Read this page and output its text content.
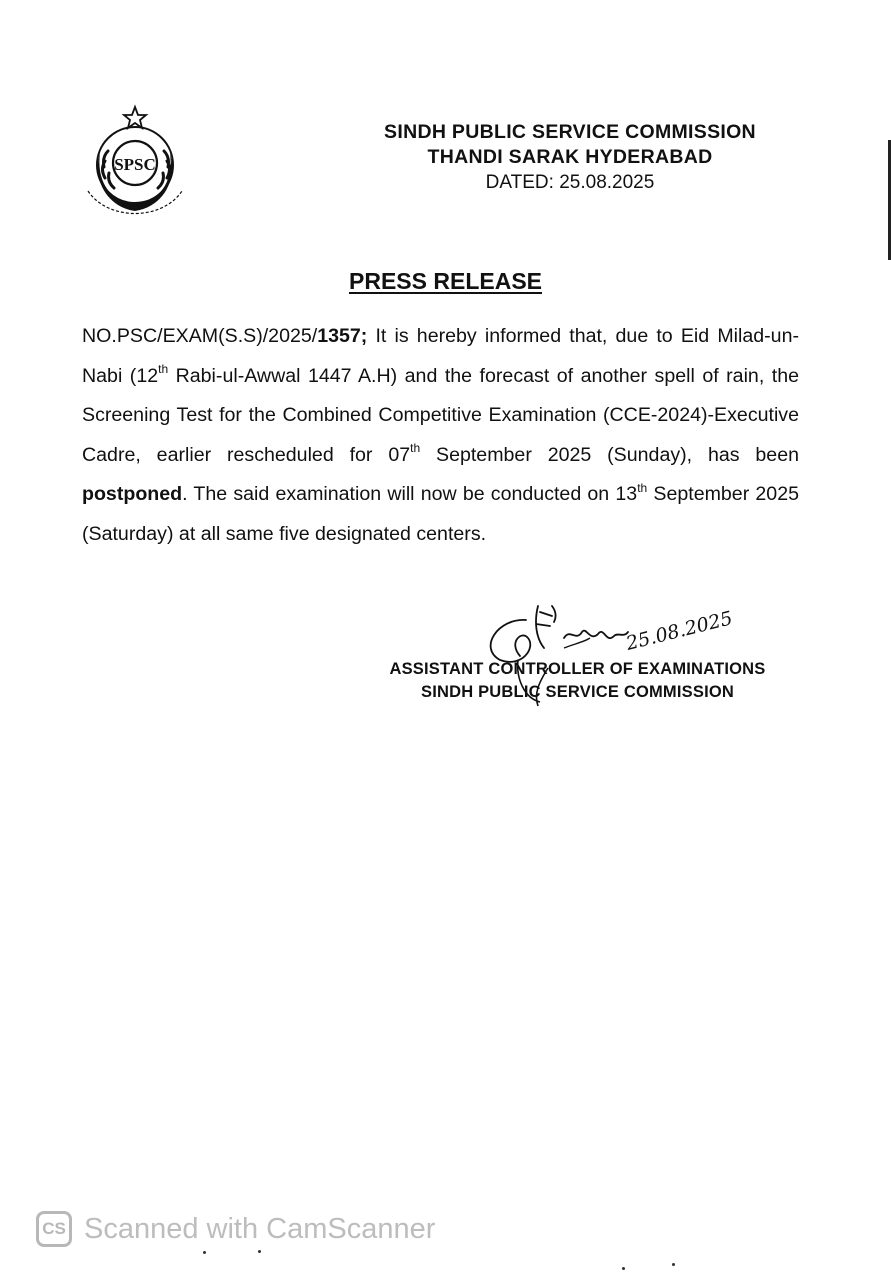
SPSC
SINDH PUBLIC SERVICE COMMISSION
THANDI SARAK HYDERABAD
DATED: 25.08.2025
PRESS RELEASE
NO.PSC/EXAM(S.S)/2025/1357; It is hereby informed that, due to Eid Milad-un-Nabi (12th Rabi-ul-Awwal 1447 A.H) and the forecast of another spell of rain, the Screening Test for the Combined Competitive Examination (CCE-2024)-Executive Cadre, earlier rescheduled for 07th September 2025 (Sunday), has been postponed. The said examination will now be conducted on 13th September 2025 (Saturday) at all same five designated centers.
25.08.2025
ASSISTANT CONTROLLER OF EXAMINATIONS
SINDH PUBLIC SERVICE COMMISSION
CS Scanned with CamScanner
